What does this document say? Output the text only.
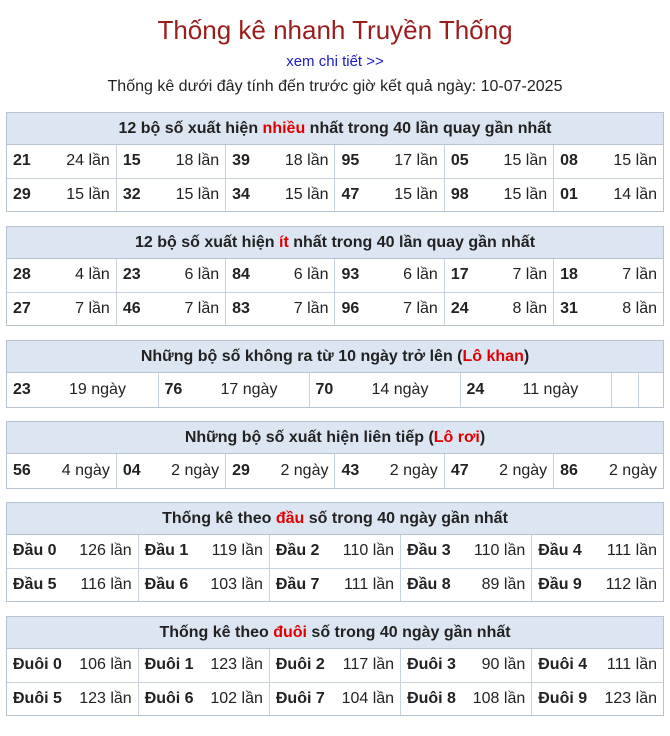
Thống kê nhanh Truyền Thống
xem chi tiết >>
Thống kê dưới đây tính đến trước giờ kết quả ngày: 10-07-2025
12 bộ số xuất hiện nhiều nhất trong 40 lần quay gần nhất
21 24 lần	15 18 lần	39 18 lần	95 17 lần	05 15 lần	08 15 lần

29 15 lần	32 15 lần	34 15 lần	47 15 lần	98 15 lần	01 14 lần
12 bộ số xuất hiện ít nhất trong 40 lần quay gần nhất
28 4 lần	23 6 lần	84 6 lần	93 6 lần	17 7 lần	18 7 lần

27 7 lần	46 7 lần	83 7 lần	96 7 lần	24 8 lần	31 8 lần
Những bộ số không ra từ 10 ngày trở lên (Lô khan)
23	19 ngày	76	17 ngày	70	14 ngày	24	11 ngày

Những bộ số xuất hiện liên tiếp (Lô rơi)
56 4 ngày	04 2 ngày	29 2 ngày	43 2 ngày	47 2 ngày	86 2 ngày
Thống kê theo đầu số trong 40 ngày gần nhất
Đầu 0 126 lần	Đầu 1 119 lần	Đầu 2 110 lần	Đầu 3 110 lần	Đầu 4 111 lần

Đầu 5 116 lần	Đầu 6 103 lần	Đầu 7 111 lần	Đầu 8 89 lần	Đầu 9 112 lần
Thống kê theo đuôi số trong 40 ngày gần nhất
Đuôi 0 106 lần	Đuôi 1 123 lần	Đuôi 2 117 lần	Đuôi 3 90 lần	Đuôi 4 111 lần

Đuôi 5 123 lần	Đuôi 6 102 lần	Đuôi 7 104 lần	Đuôi 8 108 lần	Đuôi 9 123 lần
